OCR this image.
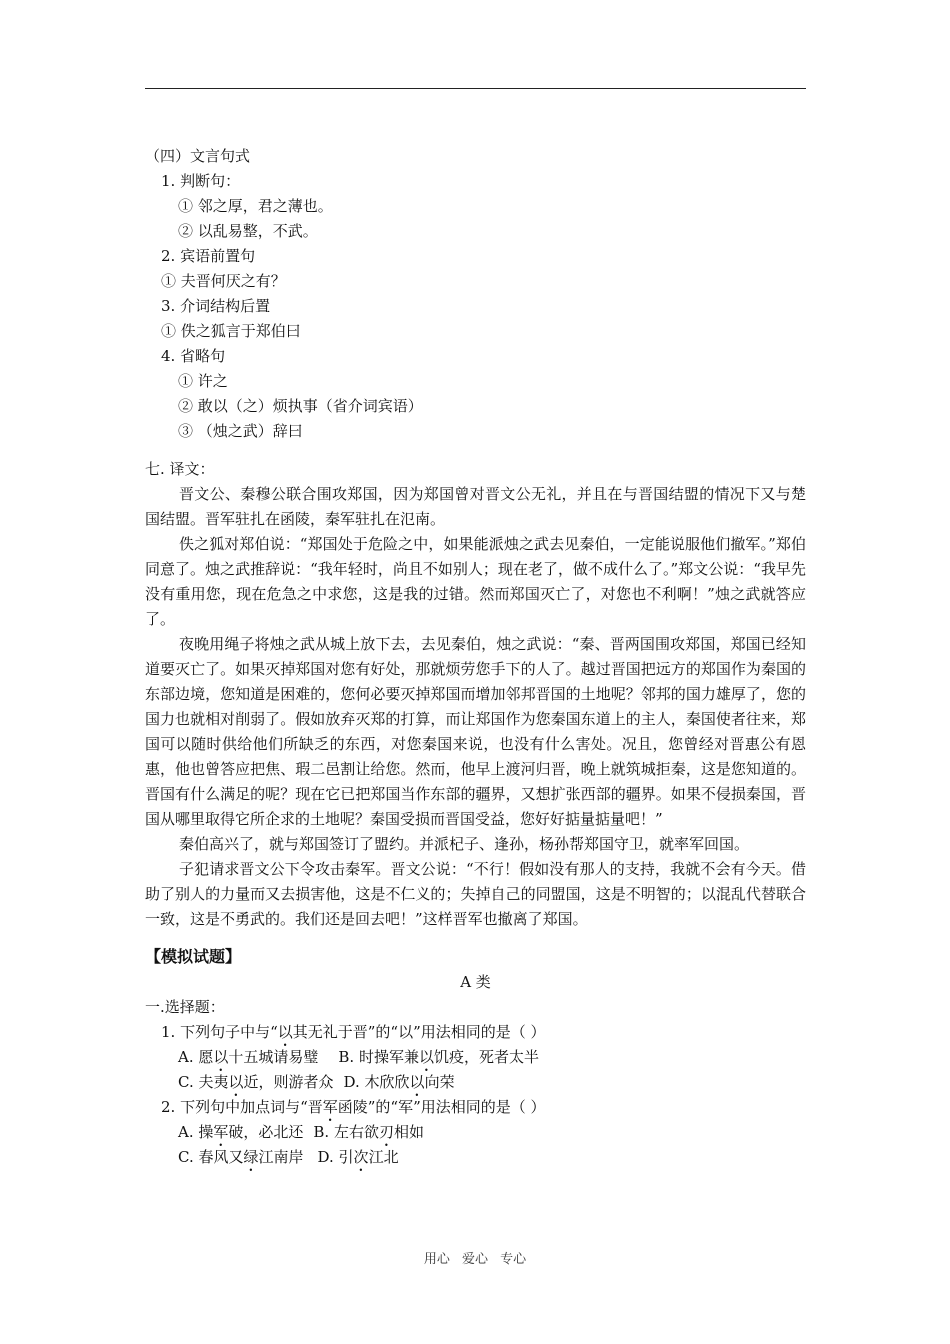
（四）文言句式
1. 判断句：
① 邻之厚，君之薄也。
② 以乱易整，不武。
2. 宾语前置句
① 夫晋何厌之有？
3. 介词结构后置
① 佚之狐言于郑伯曰
4. 省略句
① 许之
② 敢以（之）烦执事（省介词宾语）
③ （烛之武）辞曰
七. 译文：

晋文公、秦穆公联合围攻郑国，因为郑国曾对晋文公无礼，并且在与晋国结盟的情况下又与楚国结盟。晋军驻扎在函陵，秦军驻扎在氾南。

佚之狐对郑伯说：“郑国处于危险之中，如果能派烛之武去见秦伯，一定能说服他们撤军。”郑伯同意了。烛之武推辞说：“我年轻时，尚且不如别人；现在老了，做不成什么了。”郑文公说：“我早先没有重用您，现在危急之中求您，这是我的过错。然而郑国灭亡了，对您也不利啊！”烛之武就答应了。

夜晚用绳子将烛之武从城上放下去，去见秦伯，烛之武说：“秦、晋两国围攻郑国，郑国已经知道要灭亡了。如果灭掉郑国对您有好处，那就烦劳您手下的人了。越过晋国把远方的郑国作为秦国的东部边境，您知道是困难的，您何必要灭掉郑国而增加邻邦晋国的土地呢？邻邦的国力雄厚了，您的国力也就相对削弱了。假如放弃灭郑的打算，而让郑国作为您秦国东道上的主人，秦国使者往来，郑国可以随时供给他们所缺乏的东西，对您秦国来说，也没有什么害处。况且，您曾经对晋惠公有恩惠，他也曾答应把焦、瑕二邑割让给您。然而，他早上渡河归晋，晚上就筑城拒秦，这是您知道的。晋国有什么满足的呢？现在它已把郑国当作东部的疆界，又想扩张西部的疆界。如果不侵损秦国，晋国从哪里取得它所企求的土地呢？秦国受损而晋国受益，您好好掂量掂量吧！”

秦伯高兴了，就与郑国签订了盟约。并派杞子、逢孙，杨孙帮郑国守卫，就率军回国。

子犯请求晋文公下令攻击秦军。晋文公说：“不行！假如没有那人的支持，我就不会有今天。借助了别人的力量而又去损害他，这是不仁义的；失掉自己的同盟国，这是不明智的；以混乱代替联合一致，这是不勇武的。我们还是回去吧！”这样晋军也撤离了郑国。

【模拟试题】
A 类
一.选择题：
1. 下列句子中与“以其无礼于晋”的“以”用法相同的是（ ）
A. 愿以十五城请易璧 B. 时操军兼以饥疫，死者太半
C. 夫夷以近，则游者众 D. 木欣欣以向荣
2. 下列句中加点词与“晋军函陵”的“军”用法相同的是（ ）
A. 操军破，必北还 B. 左右欲刃相如
C. 春风又绿江南岸 D. 引次江北
用心 爱心 专心
